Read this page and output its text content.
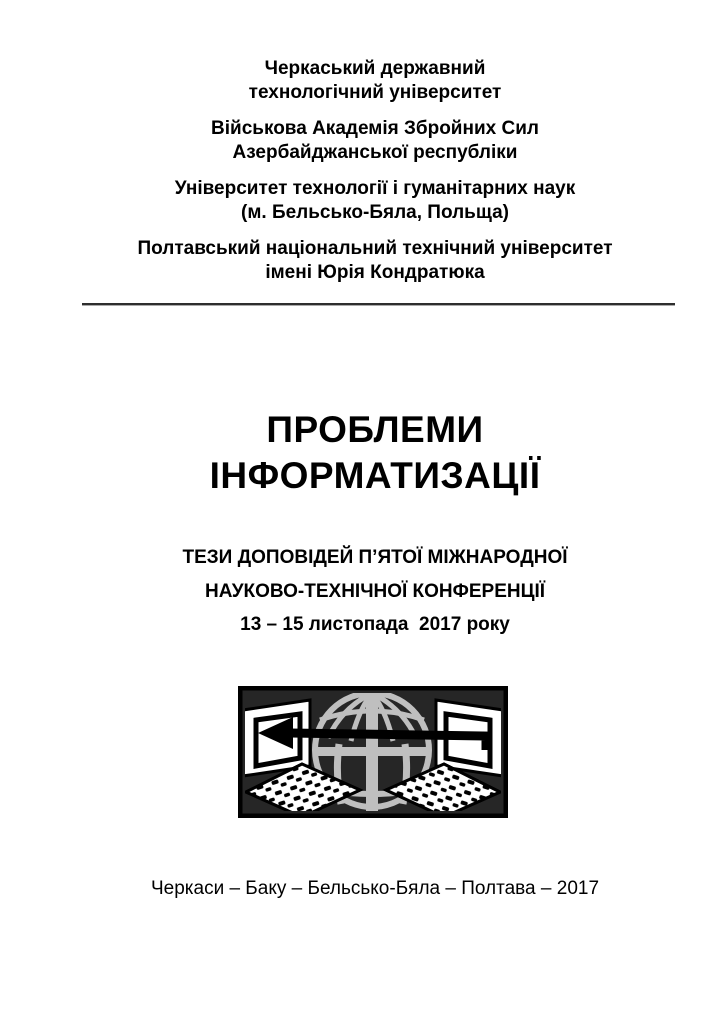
Черкаський державний
технологічний університет
Військова Академія Збройних Сил
Азербайджанської республіки
Університет технології і гуманітарних наук
(м. Бельсько-Бяла, Польща)
Полтавський національний технічний університет
імені Юрія Кондратюка
ПРОБЛЕМИ
ІНФОРМАТИЗАЦІЇ
ТЕЗИ ДОПОВІДЕЙ П’ЯТОЇ МІЖНАРОДНОЇ
НАУКОВО-ТЕХНІЧНОЇ КОНФЕРЕНЦІЇ
13 – 15 листопада  2017 року
Черкаси – Баку – Бельсько-Бяла – Полтава – 2017
